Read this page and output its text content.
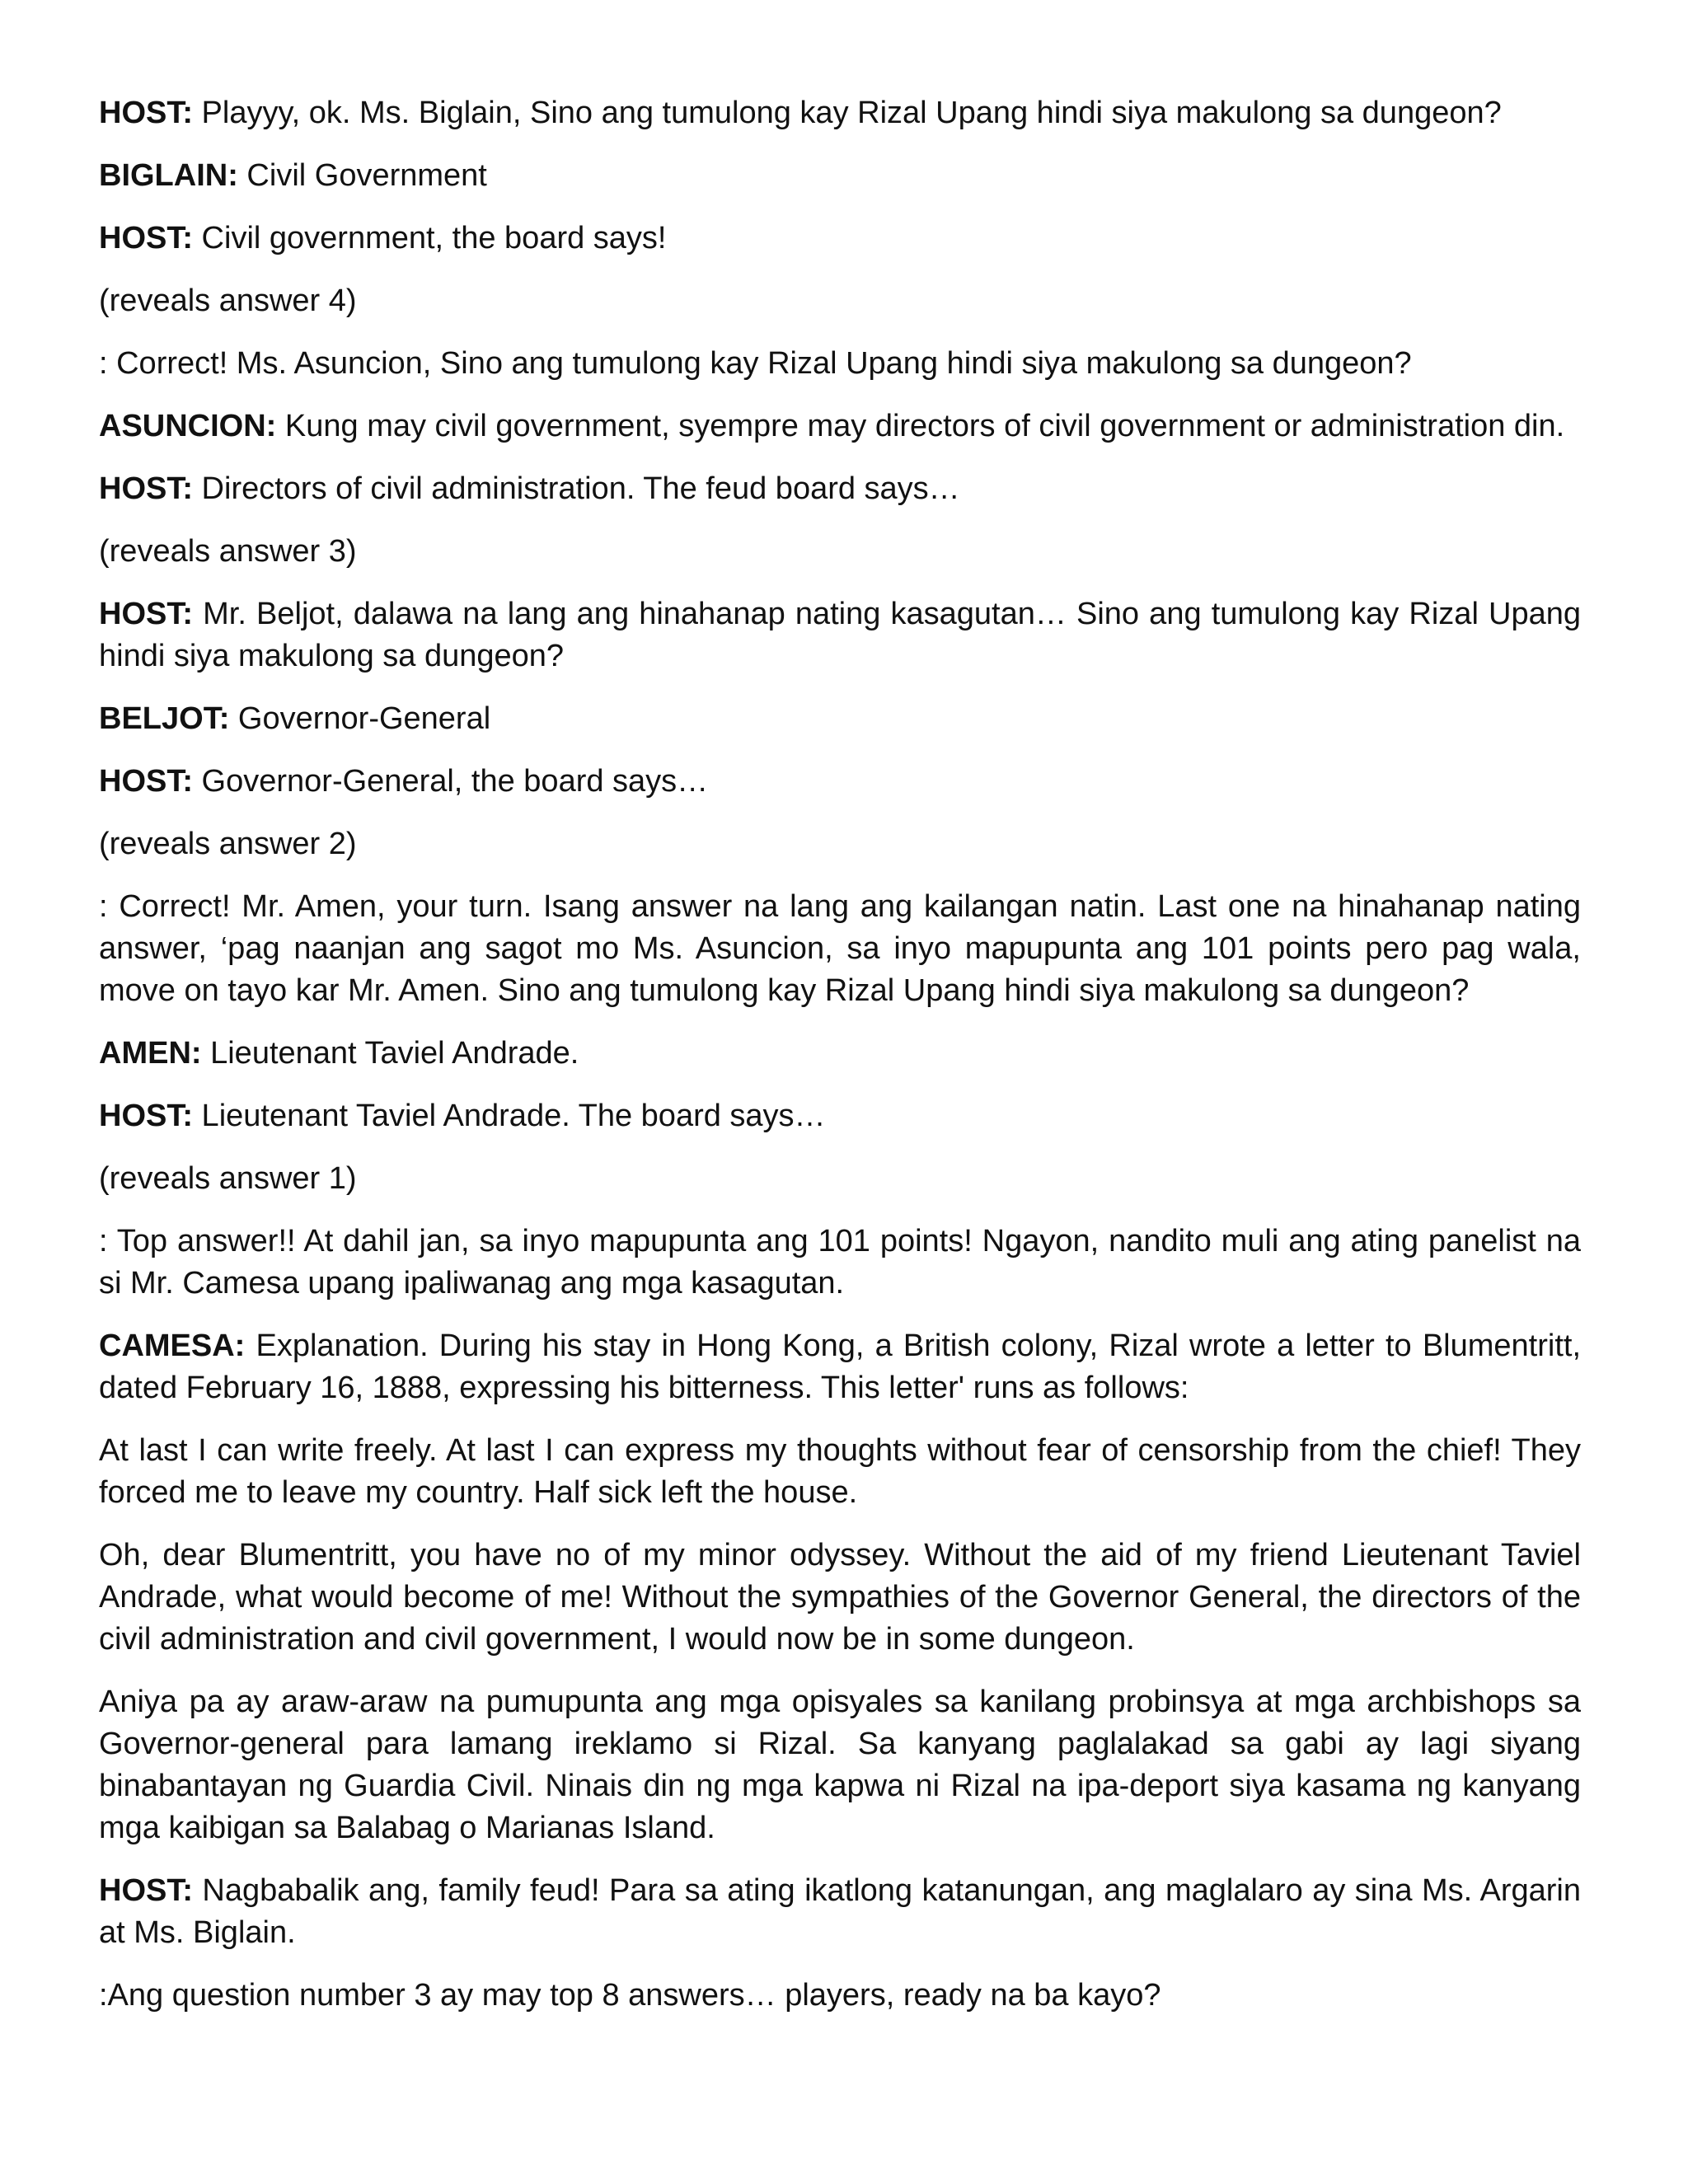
HOST: Playyy, ok. Ms. Biglain, Sino ang tumulong kay Rizal Upang hindi siya makulong sa dungeon?

BIGLAIN: Civil Government

HOST: Civil government, the board says!

(reveals answer 4)

: Correct! Ms. Asuncion, Sino ang tumulong kay Rizal Upang hindi siya makulong sa dungeon?

ASUNCION: Kung may civil government, syempre may directors of civil government or administration din.

HOST: Directors of civil administration. The feud board says…

(reveals answer 3)

HOST: Mr. Beljot, dalawa na lang ang hinahanap nating kasagutan… Sino ang tumulong kay Rizal Upang hindi siya makulong sa dungeon?

BELJOT: Governor-General

HOST: Governor-General, the board says…

(reveals answer 2)

: Correct! Mr. Amen, your turn. Isang answer na lang ang kailangan natin. Last one na hinahanap nating answer, ‘pag naanjan ang sagot mo Ms. Asuncion, sa inyo mapupunta ang 101 points pero pag wala, move on tayo kar Mr. Amen. Sino ang tumulong kay Rizal Upang hindi siya makulong sa dungeon?

AMEN: Lieutenant Taviel Andrade.

HOST: Lieutenant Taviel Andrade. The board says…

(reveals answer 1)

: Top answer!! At dahil jan, sa inyo mapupunta ang 101 points! Ngayon, nandito muli ang ating panelist na si Mr. Camesa upang ipaliwanag ang mga kasagutan.

CAMESA: Explanation. During his stay in Hong Kong, a British colony, Rizal wrote a letter to Blumentritt, dated February 16, 1888, expressing his bitterness. This letter' runs as follows:

At last I can write freely. At last I can express my thoughts without fear of censorship from the chief! They forced me to leave my country. Half sick left the house.

Oh, dear Blumentritt, you have no of my minor odyssey. Without the aid of my friend Lieutenant Taviel Andrade, what would become of me! Without the sympathies of the Governor General, the directors of the civil administration and civil government, I would now be in some dungeon.

Aniya pa ay araw-araw na pumupunta ang mga opisyales sa kanilang probinsya at mga archbishops sa Governor-general para lamang ireklamo si Rizal. Sa kanyang paglalakad sa gabi ay lagi siyang binabantayan ng Guardia Civil. Ninais din ng mga kapwa ni Rizal na ipa-deport siya kasama ng kanyang mga kaibigan sa Balabag o Marianas Island.

HOST: Nagbabalik ang, family feud! Para sa ating ikatlong katanungan, ang maglalaro ay sina Ms. Argarin at Ms. Biglain.

:Ang question number 3 ay may top 8 answers… players, ready na ba kayo?
